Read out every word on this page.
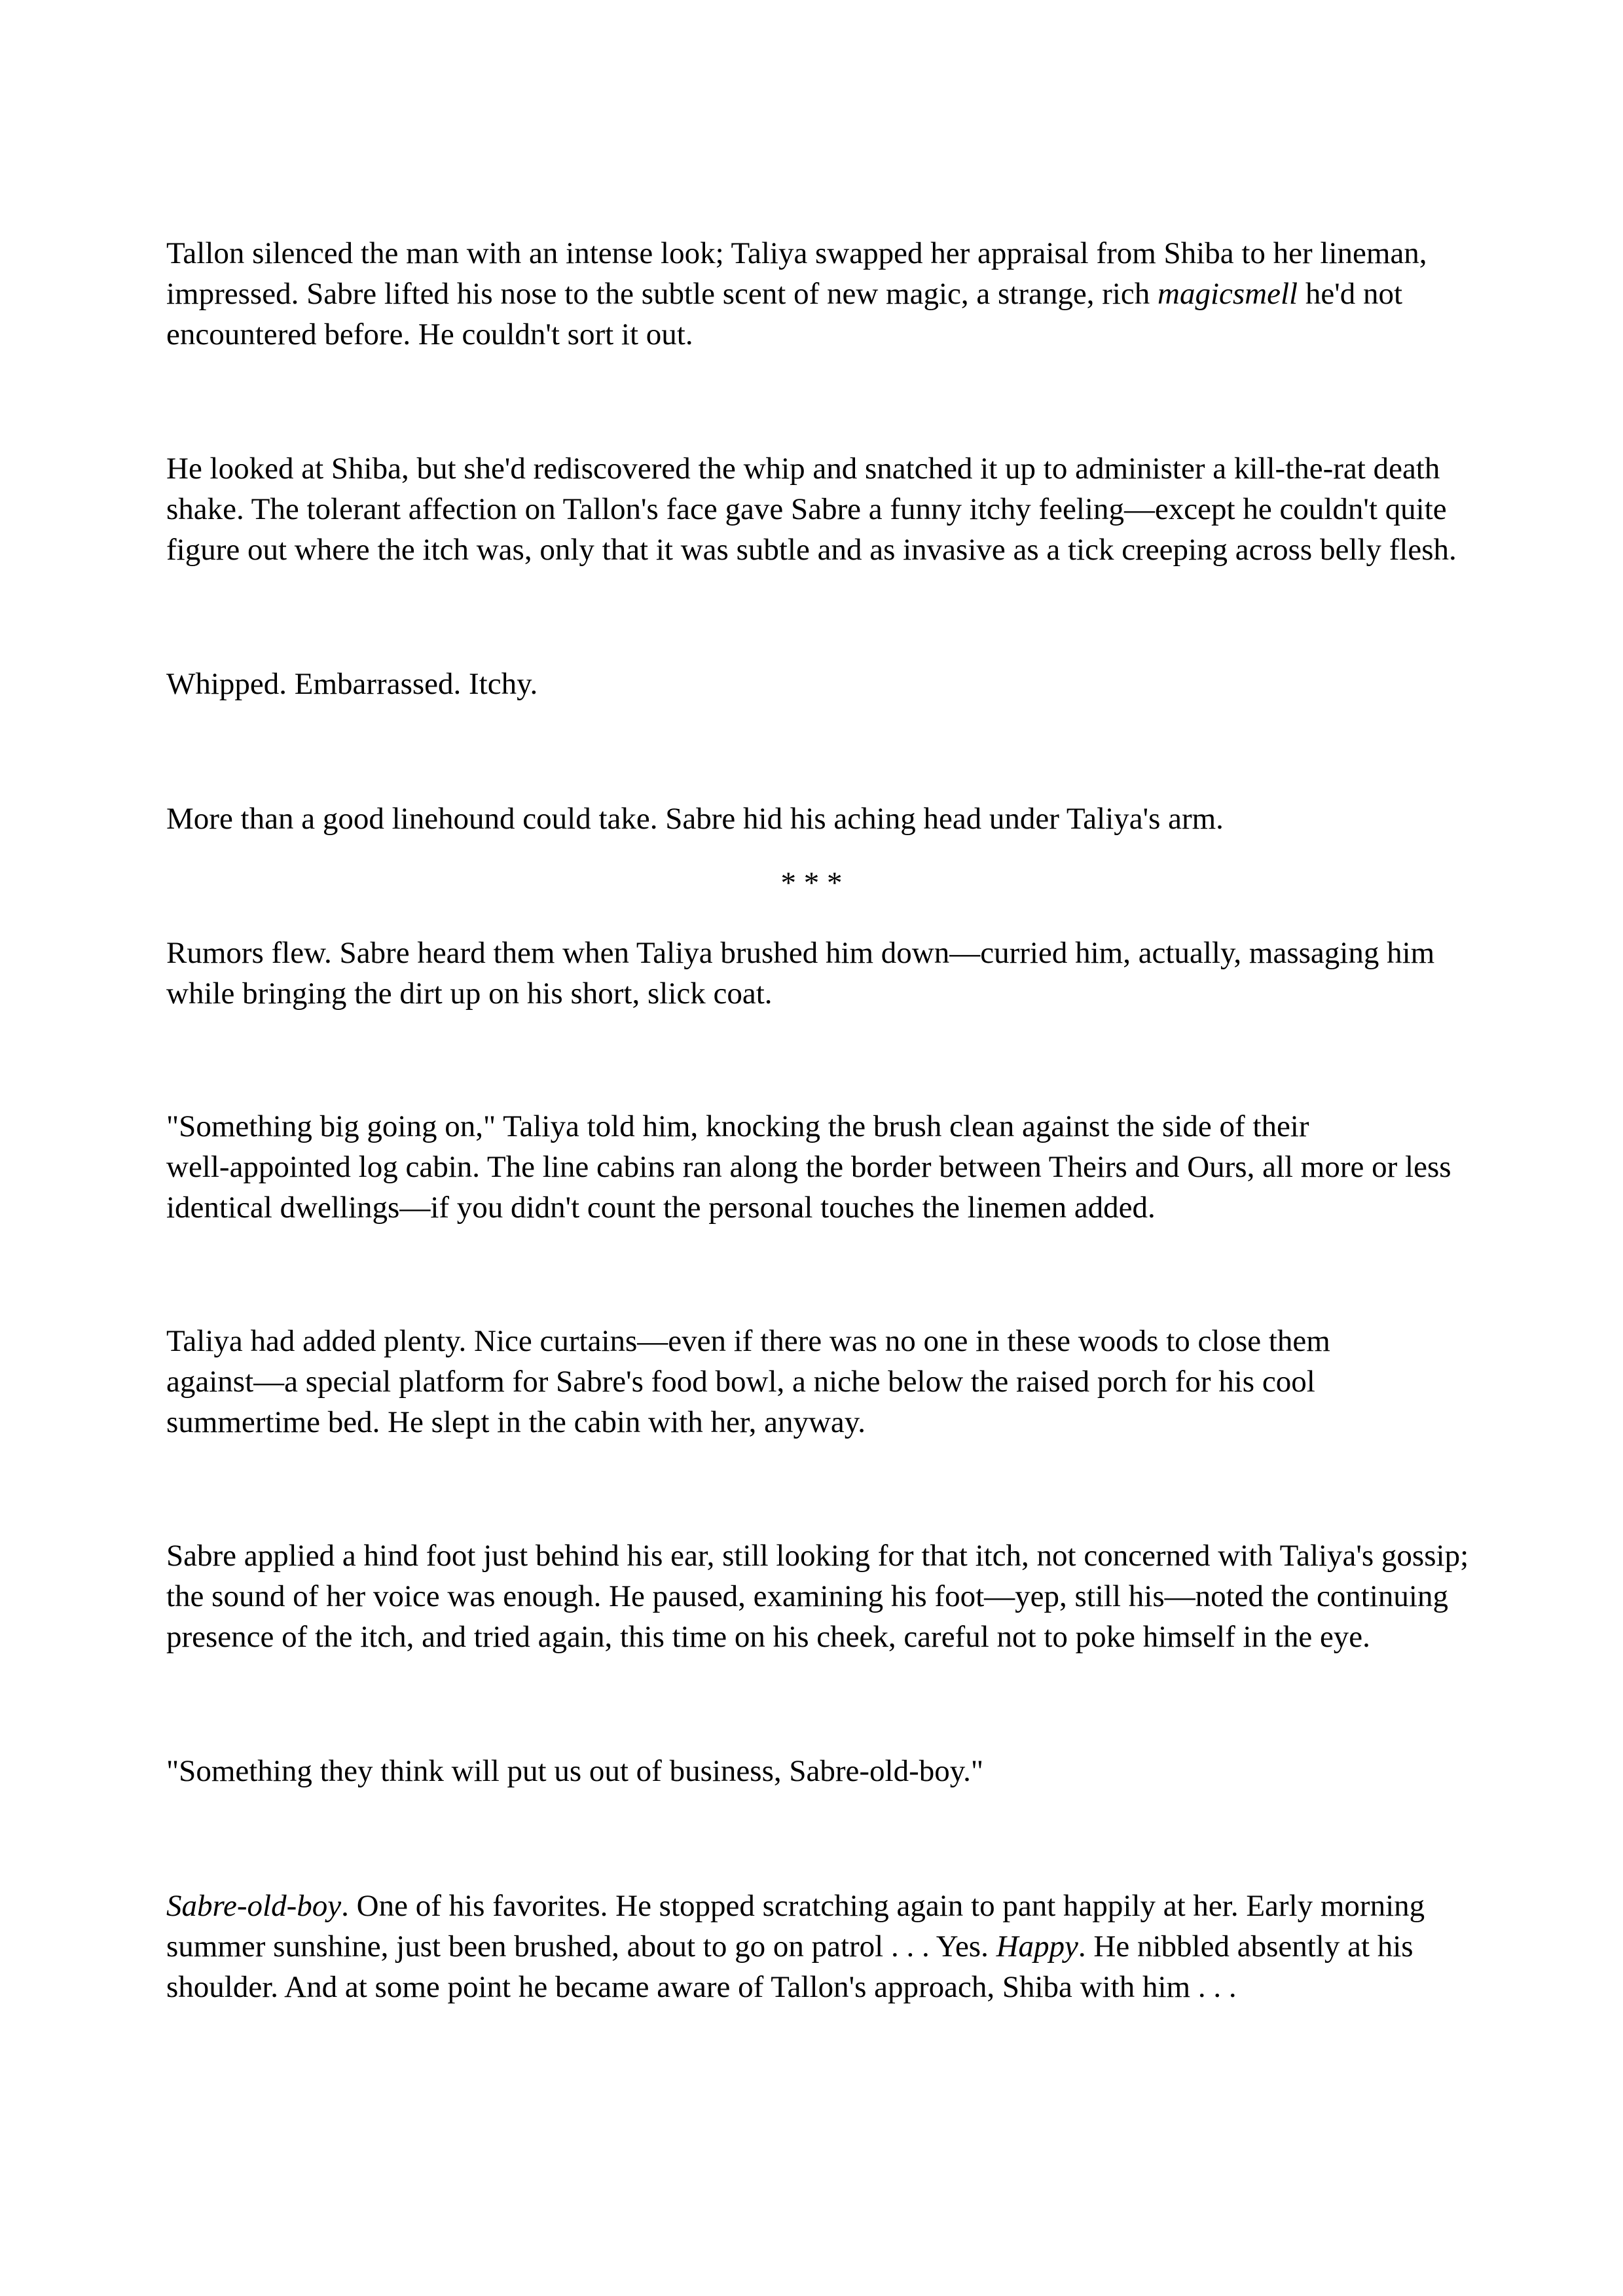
Tallon silenced the man with an intense look; Taliya swapped her appraisal from Shiba to her lineman,
impressed. Sabre lifted his nose to the subtle scent of new magic, a strange, rich magicsmell he'd not
encountered before. He couldn't sort it out.

He looked at Shiba, but she'd rediscovered the whip and snatched it up to administer a kill-the-rat death
shake. The tolerant affection on Tallon's face gave Sabre a funny itchy feeling—except he couldn't quite
figure out where the itch was, only that it was subtle and as invasive as a tick creeping across belly flesh.

Whipped. Embarrassed. Itchy.

More than a good linehound could take. Sabre hid his aching head under Taliya's arm.

* * *

Rumors flew. Sabre heard them when Taliya brushed him down—curried him, actually, massaging him
while bringing the dirt up on his short, slick coat.

"Something big going on," Taliya told him, knocking the brush clean against the side of their
well-appointed log cabin. The line cabins ran along the border between Theirs and Ours, all more or less
identical dwellings—if you didn't count the personal touches the linemen added.

Taliya had added plenty. Nice curtains—even if there was no one in these woods to close them
against—a special platform for Sabre's food bowl, a niche below the raised porch for his cool
summertime bed. He slept in the cabin with her, anyway.

Sabre applied a hind foot just behind his ear, still looking for that itch, not concerned with Taliya's gossip;
the sound of her voice was enough. He paused, examining his foot—yep, still his—noted the continuing
presence of the itch, and tried again, this time on his cheek, careful not to poke himself in the eye.

"Something they think will put us out of business, Sabre-old-boy."

Sabre-old-boy. One of his favorites. He stopped scratching again to pant happily at her. Early morning
summer sunshine, just been brushed, about to go on patrol . . . Yes. Happy. He nibbled absently at his
shoulder. And at some point he became aware of Tallon's approach, Shiba with him . . .
